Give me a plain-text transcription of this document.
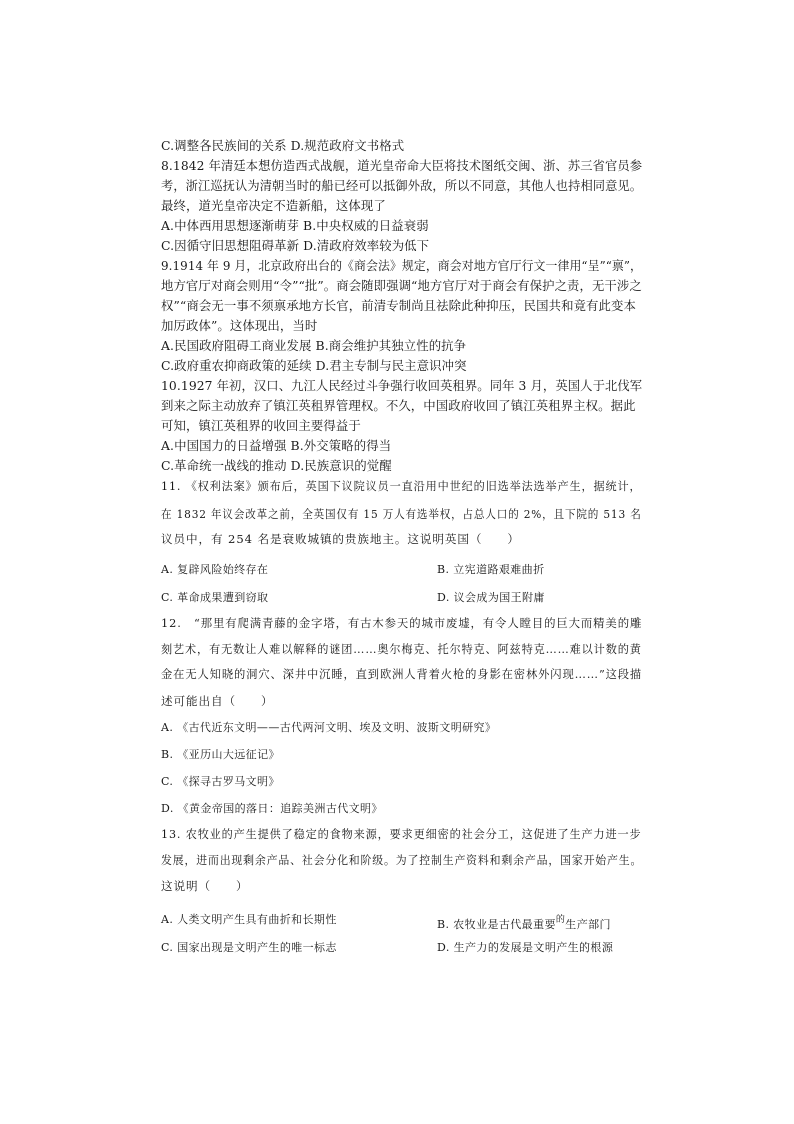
C.调整各民族间的关系 D.规范政府文书格式
8.1842 年清廷本想仿造西式战舰，道光皇帝命大臣将技术图纸交闽、浙、苏三省官员参
考，浙江巡抚认为清朝当时的船已经可以抵御外敌，所以不同意，其他人也持相同意见。
最终，道光皇帝决定不造新船，这体现了
A.中体西用思想逐渐萌芽 B.中央权威的日益衰弱
C.因循守旧思想阻碍革新 D.清政府效率较为低下
9.1914 年 9 月，北京政府出台的《商会法》规定，商会对地方官厅行文一律用“呈”“禀”，
地方官厅对商会则用“令”“批”。商会随即强调“地方官厅对于商会有保护之责，无干涉之
权”“商会无一事不须禀承地方长官，前清专制尚且祛除此种抑压，民国共和竟有此变本
加厉政体”。这体现出，当时
A.民国政府阻碍工商业发展 B.商会维护其独立性的抗争
C.政府重农抑商政策的延续 D.君主专制与民主意识冲突
10.1927 年初，汉口、九江人民经过斗争强行收回英租界。同年 3 月，英国人于北伐军
到来之际主动放弃了镇江英租界管理权。不久，中国政府收回了镇江英租界主权。据此
可知，镇江英租界的收回主要得益于
A.中国国力的日益增强 B.外交策略的得当
C.革命统一战线的推动 D.民族意识的觉醒
11. 《权利法案》颁布后，英国下议院议员一直沿用中世纪的旧选举法选举产生，据统计，
在 1832 年议会改革之前，全英国仅有 15 万人有选举权，占总人口的 2%，且下院的 513 名
议员中，有 254 名是衰败城镇的贵族地主。这说明英国（　　）
A. 复辟风险始终存在	B. 立宪道路艰难曲折
C. 革命成果遭到窃取	D. 议会成为国王附庸
12.　“那里有爬满青藤的金字塔，有古木参天的城市废墟，有令人瞠目的巨大而精美的雕
刻艺术，有无数让人难以解释的谜团……奥尔梅克、托尔特克、阿兹特克……难以计数的黄
金在无人知晓的洞穴、深井中沉睡，直到欧洲人背着火枪的身影在密林外闪现……”这段描
述可能出自（　　）
A. 《古代近东文明——古代两河文明、埃及文明、波斯文明研究》
B. 《亚历山大远征记》
C. 《探寻古罗马文明》
D. 《黄金帝国的落日：追踪美洲古代文明》
13. 农牧业的产生提供了稳定的食物来源，要求更细密的社会分工，这促进了生产力进一步
发展，进而出现剩余产品、社会分化和阶级。为了控制生产资料和剩余产品，国家开始产生。
这说明（　　）
A. 人类文明产生具有曲折和长期性	B. 农牧业是古代最重要$^的$生产部门
C. 国家出现是文明产生的唯一标志	D. 生产力的发展是文明产生的根源
